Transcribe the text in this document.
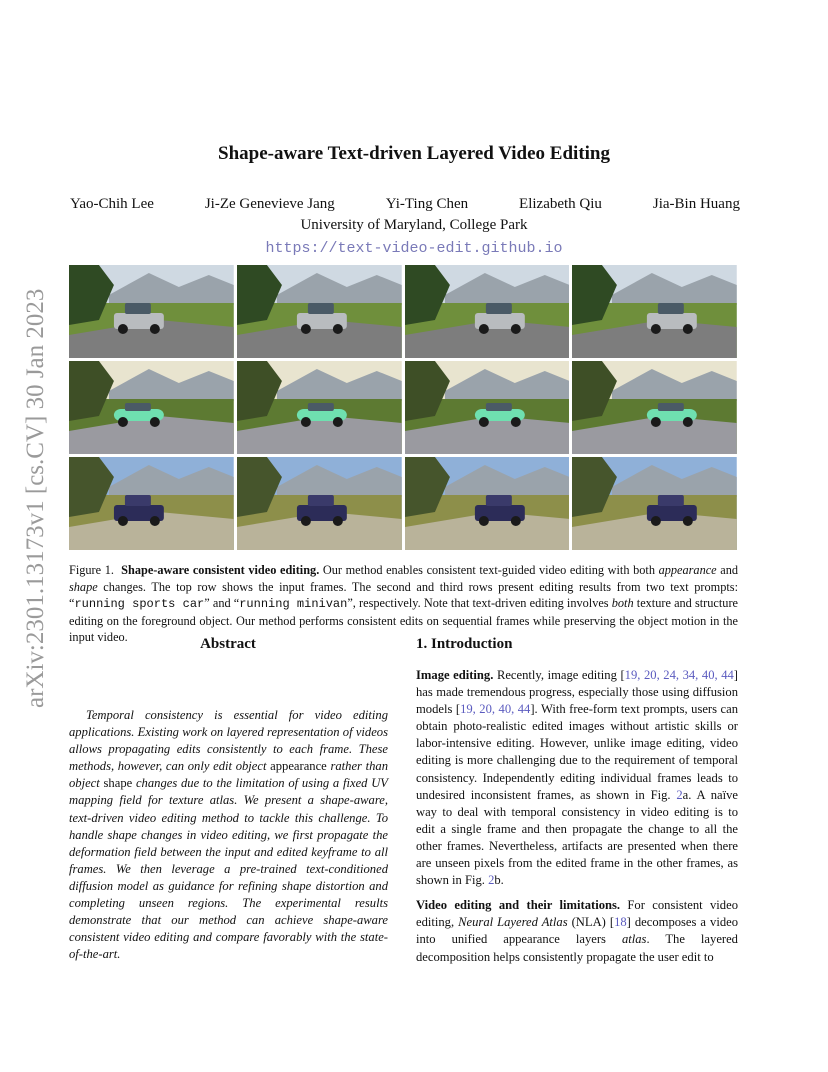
Shape-aware Text-driven Layered Video Editing
Yao-Chih Lee	Ji-Ze Genevieve Jang	Yi-Ting Chen	Elizabeth Qiu	Jia-Bin Huang
University of Maryland, College Park
https://text-video-edit.github.io
arXiv:2301.13173v1 [cs.CV] 30 Jan 2023 Figure 1. Shape-aware consistent video editing. Our method enables consistent text-guided video editing with both appearance and shape changes. The top row shows the input frames. The second and third rows present editing results from two text prompts: “running sports car” and “running minivan”, respectively. Note that text-driven editing involves both texture and structure editing on the foreground object. Our method performs consistent edits on sequential frames while preserving the object motion in the input video.	Abstract	1. Introduction
Temporal consistency is essential for video editing applications. Existing work on layered representation of videos allows propagating edits consistently to each frame. These methods, however, can only edit object appearance rather than object shape changes due to the limitation of using a fixed UV mapping field for texture atlas. We present a shape-aware, text-driven video editing method to tackle this challenge. To handle shape changes in video editing, we first propagate the deformation field between the input and edited keyframe to all frames. We then leverage a pre-trained text-conditioned diffusion model as guidance for refining shape distortion and completing unseen regions. The experimental results demonstrate that our method can achieve shape-aware consistent video editing and compare favorably with the state-of-the-art.

Image editing. Recently, image editing [19, 20, 24, 34, 40, 44] has made tremendous progress, especially those using diffusion models [19, 20, 40, 44]. With free-form text prompts, users can obtain photo-realistic edited images without artistic skills or labor-intensive editing. However, unlike image editing, video editing is more challenging due to the requirement of temporal consistency. Independently editing individual frames leads to undesired inconsistent frames, as shown in Fig. 2a. A naïve way to deal with temporal consistency in video editing is to edit a single frame and then propagate the change to all the other frames. Nevertheless, artifacts are presented when there are unseen pixels from the edited frame in the other frames, as shown in Fig. 2b.

Video editing and their limitations. For consistent video editing, Neural Layered Atlas (NLA) [18] decomposes a video into unified appearance layers atlas. The layered decomposition helps consistently propagate the user edit to
